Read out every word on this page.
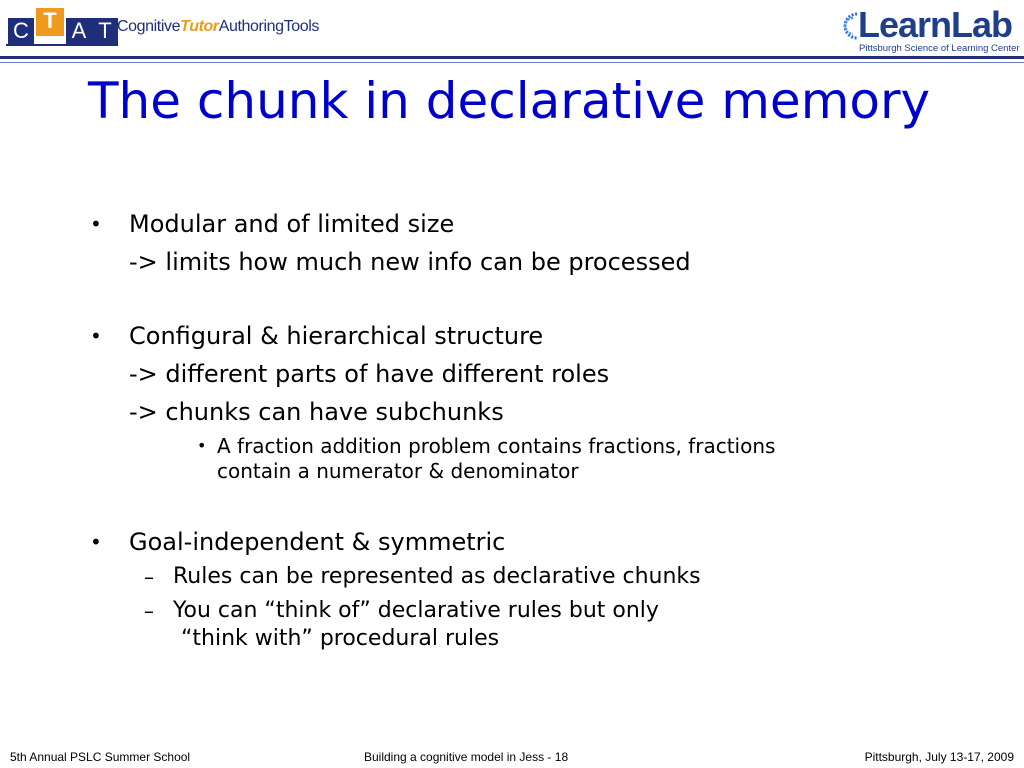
C T A T CognitiveTutorAuthoringTools	LearnLab
Pittsburgh Science of Learning Center
The chunk in declarative memory
• Modular and of limited size
-> limits how much new info can be processed
• Configural & hierarchical structure
-> different parts of have different roles
-> chunks can have subchunks
• A fraction addition problem contains fractions, fractions
contain a numerator & denominator
• Goal-independent & symmetric
– Rules can be represented as declarative chunks
– You can “think of” declarative rules but only
“think with” procedural rules
5th Annual PSLC Summer School	Building a cognitive model in Jess - 18	Pittsburgh, July 13-17, 2009
